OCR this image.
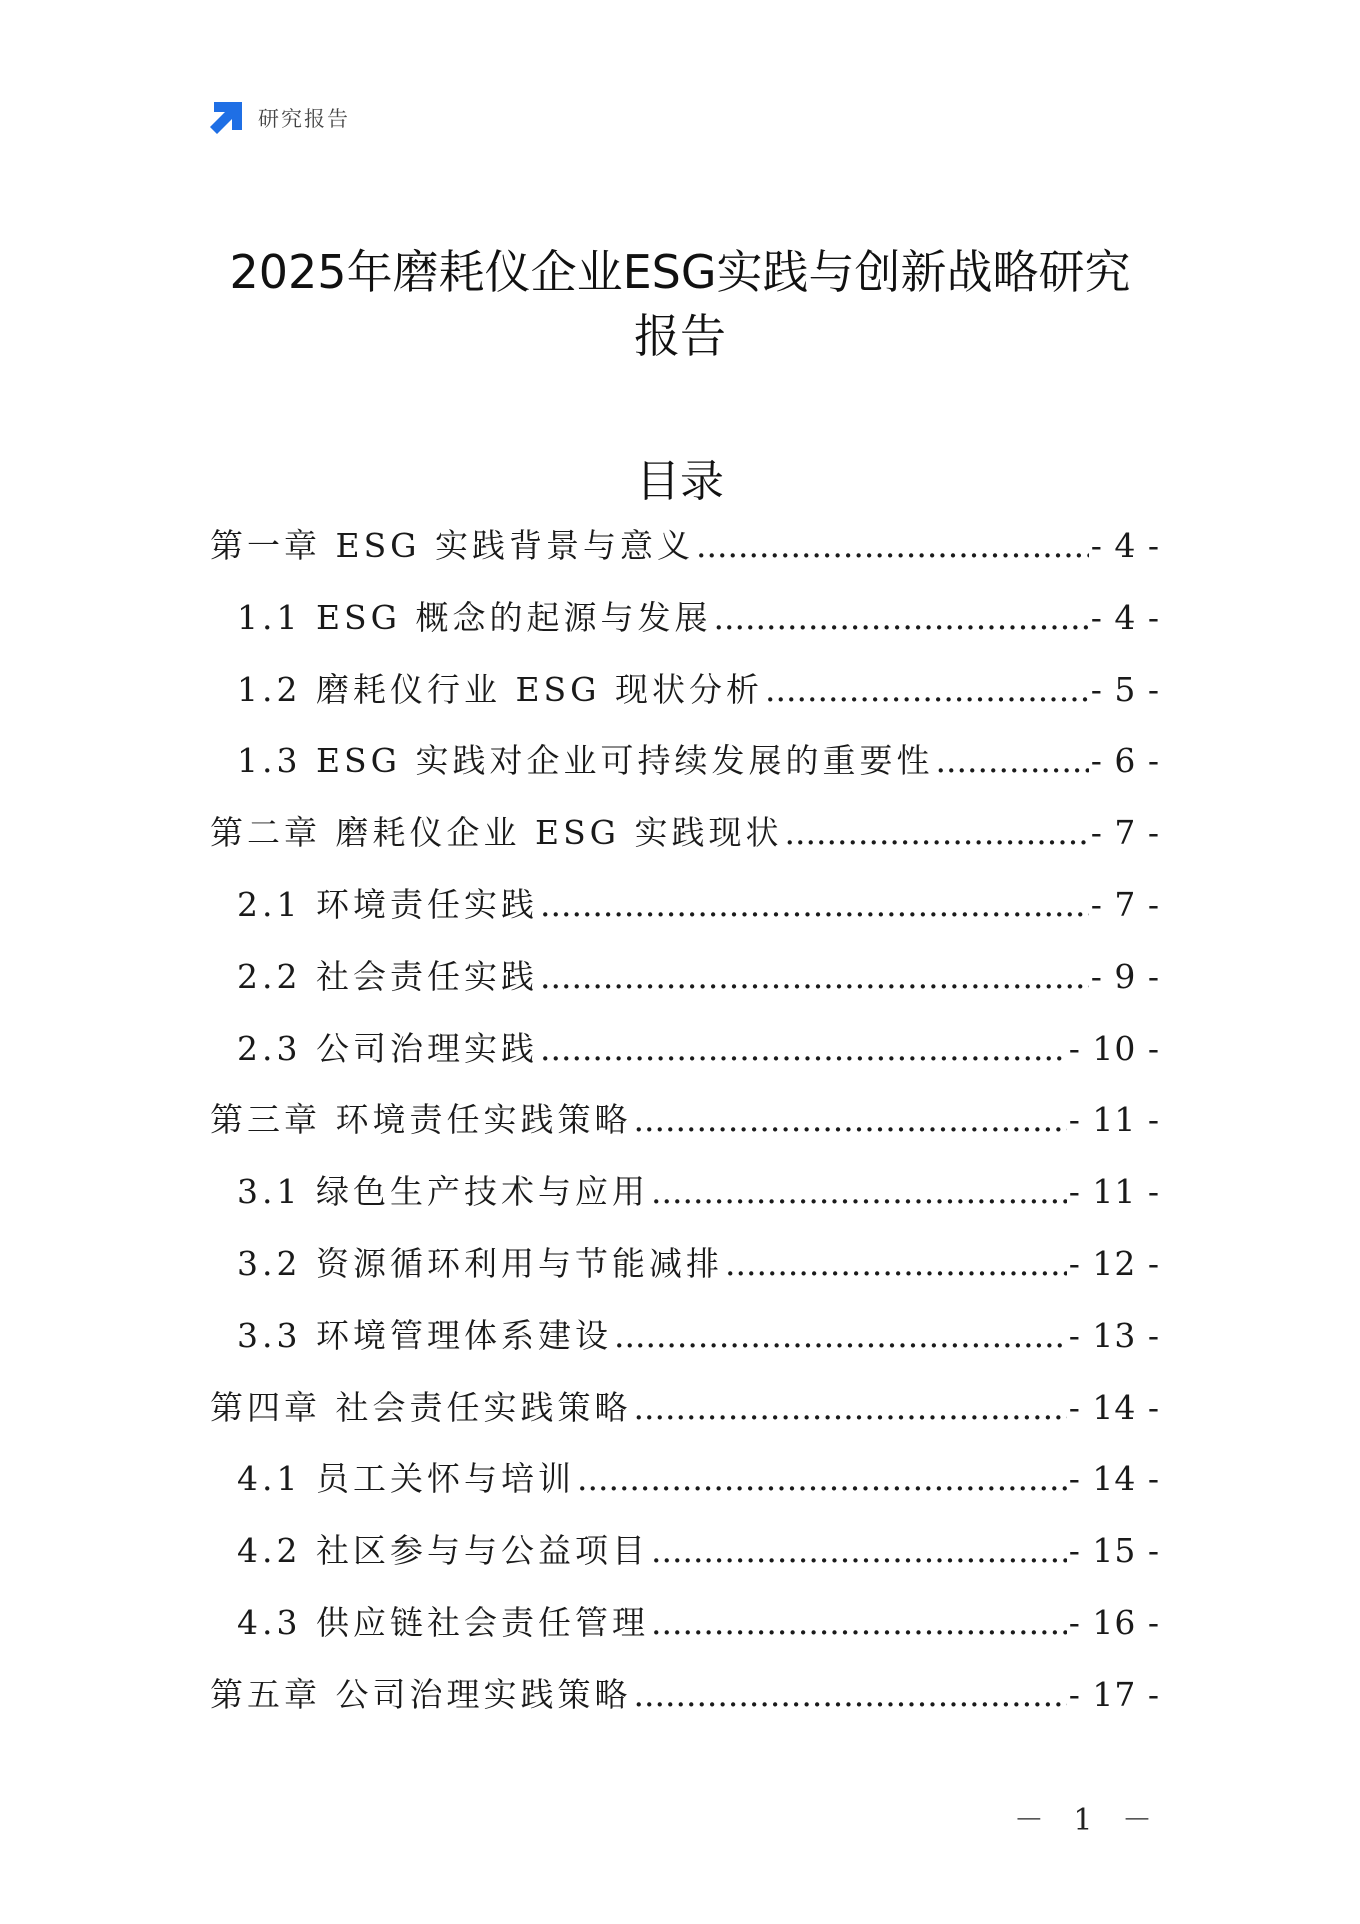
研究报告
2025年磨耗仪企业ESG实践与创新战略研究
报告
目录
第一章 ESG 实践背景与意义 .....	- 4 -
1.1 ESG 概念的起源与发展 .....	- 4 -
1.2 磨耗仪行业 ESG 现状分析 .....	- 5 -
1.3 ESG 实践对企业可持续发展的重要性 .....	- 6 -
第二章 磨耗仪企业 ESG 实践现状 .....	- 7 -
2.1 环境责任实践 .....	- 7 -
2.2 社会责任实践 .....	- 9 -
2.3 公司治理实践 .....	- 10 -
第三章 环境责任实践策略 .....	- 11 -
3.1 绿色生产技术与应用 .....	- 11 -
3.2 资源循环利用与节能减排 .....	- 12 -
3.3 环境管理体系建设 .....	- 13 -
第四章 社会责任实践策略 .....	- 14 -
4.1 员工关怀与培训 .....	- 14 -
4.2 社区参与与公益项目 .....	- 15 -
4.3 供应链社会责任管理 .....	- 16 -
第五章 公司治理实践策略 .....	- 17 -
－ 1 －
